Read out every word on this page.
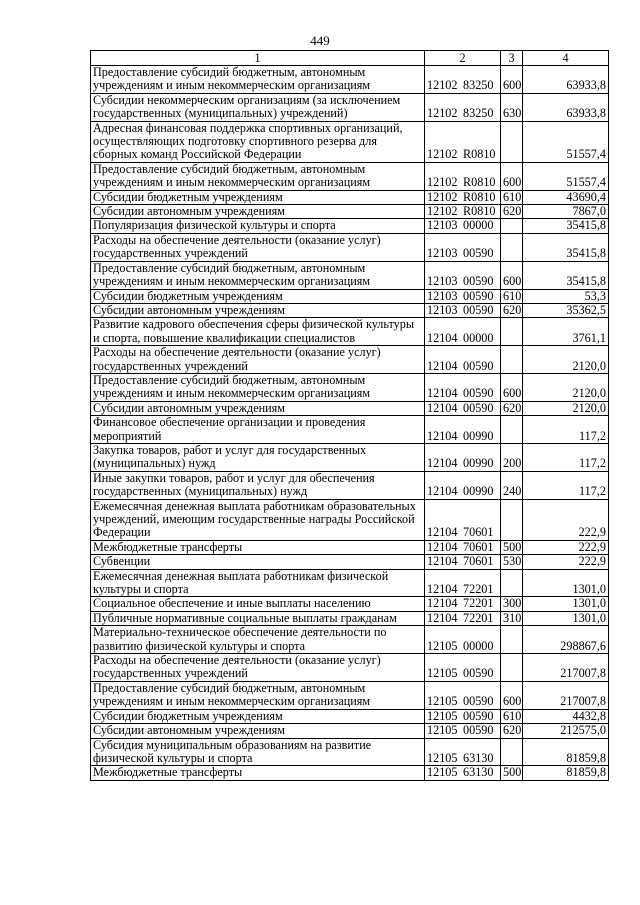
449
1	2	3	4
Предоставление субсидий бюджетным, автономным учреждениям и иным некоммерческим организациям	12102 83250	600	63933,8
Субсидии некоммерческим организациям (за исключением государственных (муниципальных) учреждений)	12102 83250	630	63933,8
Адресная финансовая поддержка спортивных организаций, осуществляющих подготовку спортивного резерва для сборных команд Российской Федерации	12102 R0810		51557,4
Предоставление субсидий бюджетным, автономным учреждениям и иным некоммерческим организациям	12102 R0810	600	51557,4
Субсидии бюджетным учреждениям	12102 R0810	610	43690,4
Субсидии автономным учреждениям	12102 R0810	620	7867,0
Популяризация физической культуры и спорта	12103 00000		35415,8
Расходы на обеспечение деятельности (оказание услуг) государственных учреждений	12103 00590		35415,8
Предоставление субсидий бюджетным, автономным учреждениям и иным некоммерческим организациям	12103 00590	600	35415,8
Субсидии бюджетным учреждениям	12103 00590	610	53,3
Субсидии автономным учреждениям	12103 00590	620	35362,5
Развитие кадрового обеспечения сферы физической культуры и спорта, повышение квалификации специалистов	12104 00000		3761,1
Расходы на обеспечение деятельности (оказание услуг) государственных учреждений	12104 00590		2120,0
Предоставление субсидий бюджетным, автономным учреждениям и иным некоммерческим организациям	12104 00590	600	2120,0
Субсидии автономным учреждениям	12104 00590	620	2120,0
Финансовое обеспечение организации и проведения мероприятий	12104 00990		117,2
Закупка товаров, работ и услуг для государственных (муниципальных) нужд	12104 00990	200	117,2
Иные закупки товаров, работ и услуг для обеспечения государственных (муниципальных) нужд	12104 00990	240	117,2
Ежемесячная денежная выплата работникам образовательных учреждений, имеющим государственные награды Российской Федерации	12104 70601		222,9
Межбюджетные трансферты	12104 70601	500	222,9
Субвенции	12104 70601	530	222,9
Ежемесячная денежная выплата работникам физической культуры и спорта	12104 72201		1301,0
Социальное обеспечение и иные выплаты населению	12104 72201	300	1301,0
Публичные нормативные социальные выплаты гражданам	12104 72201	310	1301,0
Материально-техническое обеспечение деятельности по развитию физической культуры и спорта	12105 00000		298867,6
Расходы на обеспечение деятельности (оказание услуг) государственных учреждений	12105 00590		217007,8
Предоставление субсидий бюджетным, автономным учреждениям и иным некоммерческим организациям	12105 00590	600	217007,8
Субсидии бюджетным учреждениям	12105 00590	610	4432,8
Субсидии автономным учреждениям	12105 00590	620	212575,0
Субсидия муниципальным образованиям на развитие физической культуры и спорта	12105 63130		81859,8
Межбюджетные трансферты	12105 63130	500	81859,8
